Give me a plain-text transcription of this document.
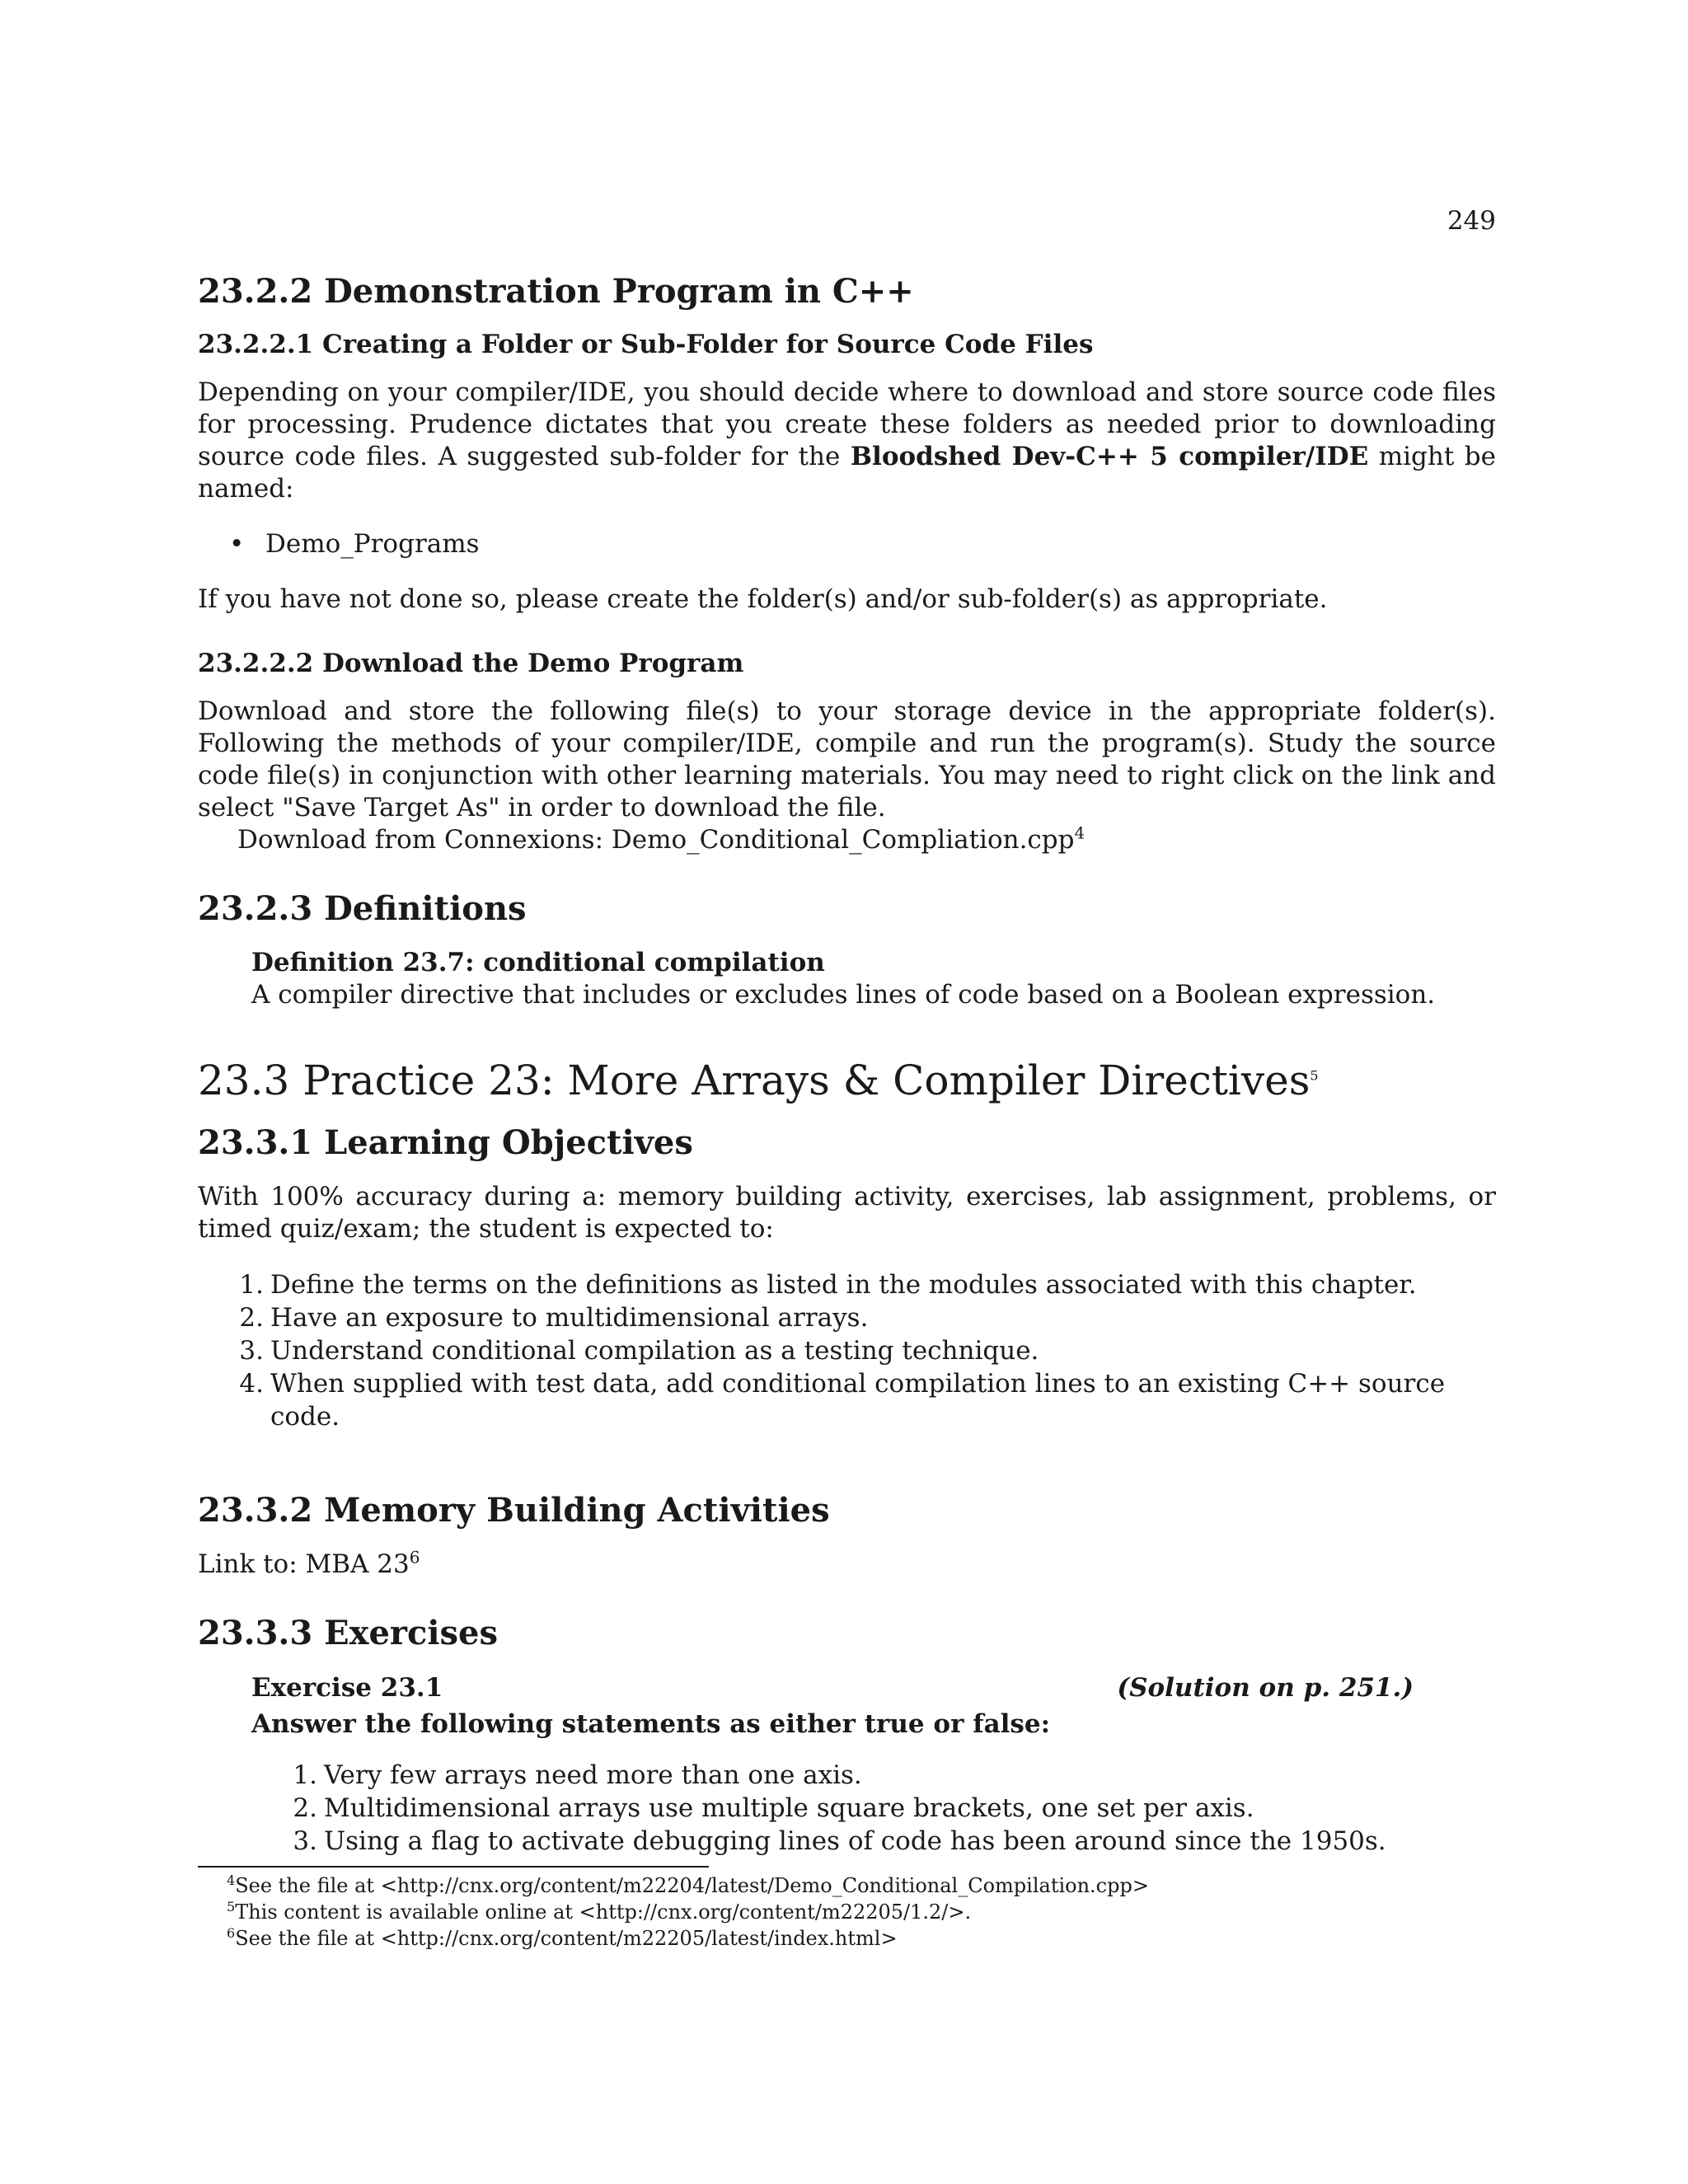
249
23.2.2 Demonstration Program in C++
23.2.2.1 Creating a Folder or Sub-Folder for Source Code Files

Depending on your compiler/IDE, you should decide where to download and store source code files for processing. Prudence dictates that you create these folders as needed prior to downloading source code files. A suggested sub-folder for the Bloodshed Dev-C++ 5 compiler/IDE might be named:

• Demo_Programs

If you have not done so, please create the folder(s) and/or sub-folder(s) as appropriate.

23.2.2.2 Download the Demo Program

Download and store the following file(s) to your storage device in the appropriate folder(s). Following the methods of your compiler/IDE, compile and run the program(s). Study the source code file(s) in conjunction with other learning materials. You may need to right click on the link and select "Save Target As" in order to download the file.

Download from Connexions: Demo_Conditional_Compliation.cpp$^4$
23.2.3 Definitions
Definition 23.7: conditional compilation
A compiler directive that includes or excludes lines of code based on a Boolean expression.
23.3 Practice 23: More Arrays & Compiler Directives$^5$
23.3.1 Learning Objectives

With 100% accuracy during a: memory building activity, exercises, lab assignment, problems, or timed quiz/exam; the student is expected to:

1. Define the terms on the definitions as listed in the modules associated with this chapter.
2. Have an exposure to multidimensional arrays.
3. Understand conditional compilation as a testing technique.
4. When supplied with test data, add conditional compilation lines to an existing C++ source code.
23.3.2 Memory Building Activities

Link to: MBA 23$^6$

23.3.3 Exercises
Exercise 23.1	(Solution on p. 251.)
Answer the following statements as either true or false:
1. Very few arrays need more than one axis.
2. Multidimensional arrays use multiple square brackets, one set per axis.
3. Using a flag to activate debugging lines of code has been around since the 1950s.
$^4$See the file at <http://cnx.org/content/m22204/latest/Demo_Conditional_Compilation.cpp>
$^5$This content is available online at <http://cnx.org/content/m22205/1.2/>.
$^6$See the file at <http://cnx.org/content/m22205/latest/index.html>
